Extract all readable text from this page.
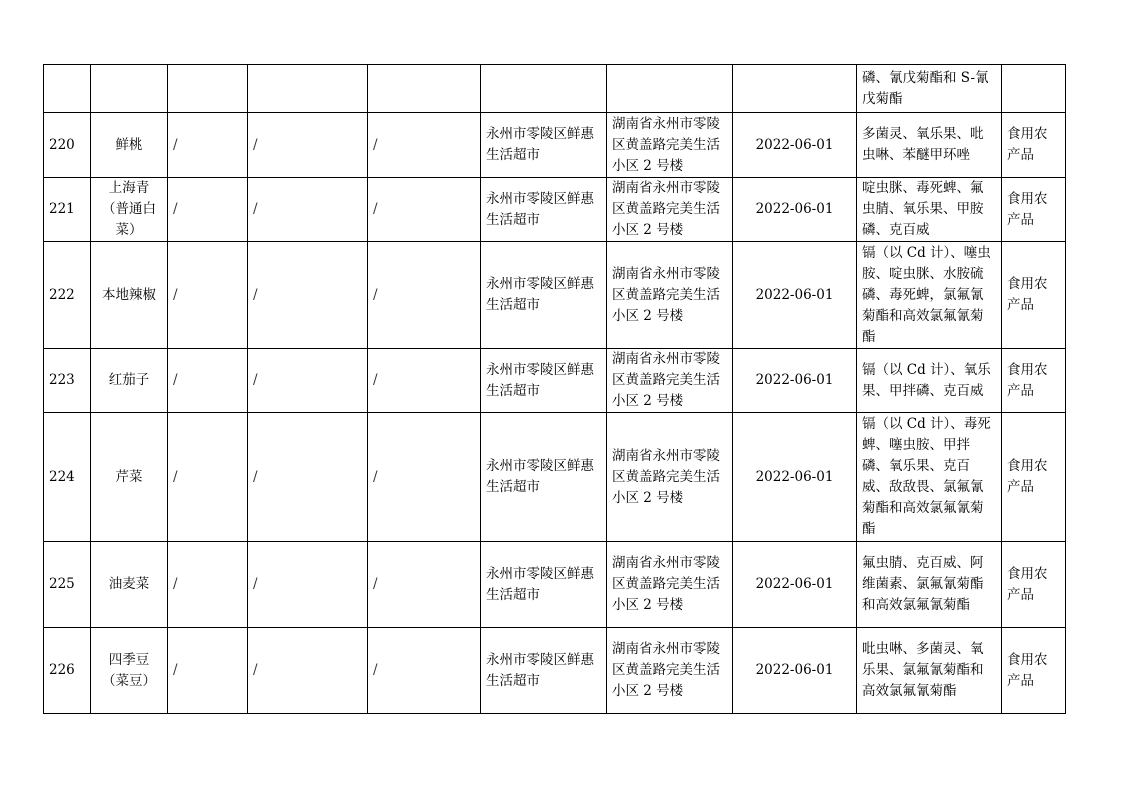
								磷、氰戊菊酯和 S-氰戊菊酯	
220	鲜桃	/	/	/	永州市零陵区鲜惠生活超市	湖南省永州市零陵区黄盖路完美生活小区 2 号楼	2022-06-01	多菌灵、氧乐果、吡虫啉、苯醚甲环唑	食用农产品
221	上海青（普通白菜）	/	/	/	永州市零陵区鲜惠生活超市	湖南省永州市零陵区黄盖路完美生活小区 2 号楼	2022-06-01	啶虫脒、毒死蜱、氟虫腈、氧乐果、甲胺磷、克百威	食用农产品
222	本地辣椒	/	/	/	永州市零陵区鲜惠生活超市	湖南省永州市零陵区黄盖路完美生活小区 2 号楼	2022-06-01	镉（以 Cd 计）、噻虫胺、啶虫脒、水胺硫磷、毒死蜱，氯氟氰菊酯和高效氯氟氰菊酯	食用农产品
223	红茄子	/	/	/	永州市零陵区鲜惠生活超市	湖南省永州市零陵区黄盖路完美生活小区 2 号楼	2022-06-01	镉（以 Cd 计）、氧乐果、甲拌磷、克百威	食用农产品
224	芹菜	/	/	/	永州市零陵区鲜惠生活超市	湖南省永州市零陵区黄盖路完美生活小区 2 号楼	2022-06-01	镉（以 Cd 计）、毒死蜱、噻虫胺、甲拌磷、氧乐果、克百威、敌敌畏、氯氟氰菊酯和高效氯氟氰菊酯	食用农产品
225	油麦菜	/	/	/	永州市零陵区鲜惠生活超市	湖南省永州市零陵区黄盖路完美生活小区 2 号楼	2022-06-01	氟虫腈、克百威、阿维菌素、氯氟氰菊酯和高效氯氟氰菊酯	食用农产品
226	四季豆（菜豆）	/	/	/	永州市零陵区鲜惠生活超市	湖南省永州市零陵区黄盖路完美生活小区 2 号楼	2022-06-01	吡虫啉、多菌灵、氧乐果、氯氟氰菊酯和高效氯氟氰菊酯	食用农产品
